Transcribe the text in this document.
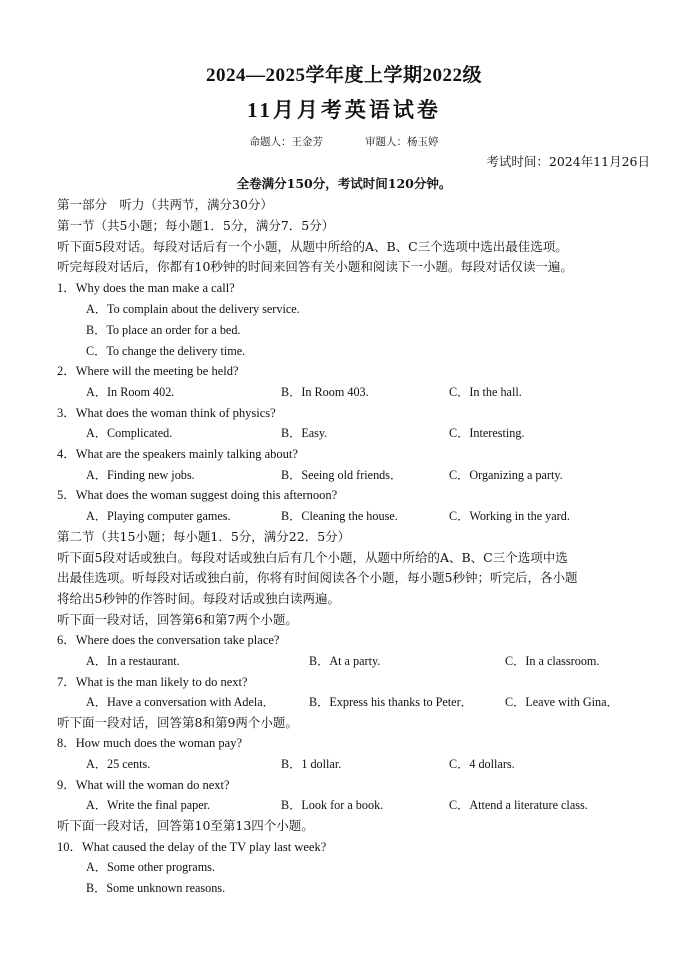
2024—2025学年度上学期2022级
11月月考英语试卷
命题人：王金芳	审题人：杨玉婷
考试时间：2024年11月26日
全卷满分150分，考试时间120分钟。
第一部分　听力（共两节，满分30分）
第一节（共5小题；每小题1．5分，满分7．5分）
听下面5段对话。每段对话后有一个小题，从题中所给的A、B、C三个选项中选出最佳选项。
听完每段对话后，你都有10秒钟的时间来回答有关小题和阅读下一小题。每段对话仅读一遍。
1．Why does the man make a call?
A．To complain about the delivery service.
B．To place an order for a bed.
C．To change the delivery time.
2．Where will the meeting be held?
A．In Room 402.	B．In Room 403.	C．In the hall.
3．What does the woman think of physics?
A．Complicated.	B．Easy.	C．Interesting.
4．What are the speakers mainly talking about?
A．Finding new jobs.	B．Seeing old friends．	C．Organizing a party.
5．What does the woman suggest doing this afternoon?
A．Playing computer games.	B．Cleaning the house.	C．Working in the yard.
第二节（共15小题；每小题1．5分，满分22．5分）
听下面5段对话或独白。每段对话或独白后有几个小题，从题中所给的A、B、C三个选项中选
出最佳选项。听每段对话或独白前，你将有时间阅读各个小题，每小题5秒钟；听完后，各小题
将给出5秒钟的作答时间。每段对话或独白读两遍。
听下面一段对话，回答第6和第7两个小题。
6．Where does the conversation take place?
A．In a restaurant.	B．At a party.	C．In a classroom.
7．What is the man likely to do next?
A．Have a conversation with Adela．	B．Express his thanks to Peter．	C．Leave with Gina．
听下面一段对话，回答第8和第9两个小题。
8．How much does the woman pay?
A．25 cents.	B．1 dollar.	C．4 dollars.
9．What will the woman do next?
A．Write the final paper.	B．Look for a book.	C．Attend a literature class.
听下面一段对话，回答第10至第13四个小题。
10．What caused the delay of the TV play last week?
A．Some other programs.
B．Some unknown reasons.
